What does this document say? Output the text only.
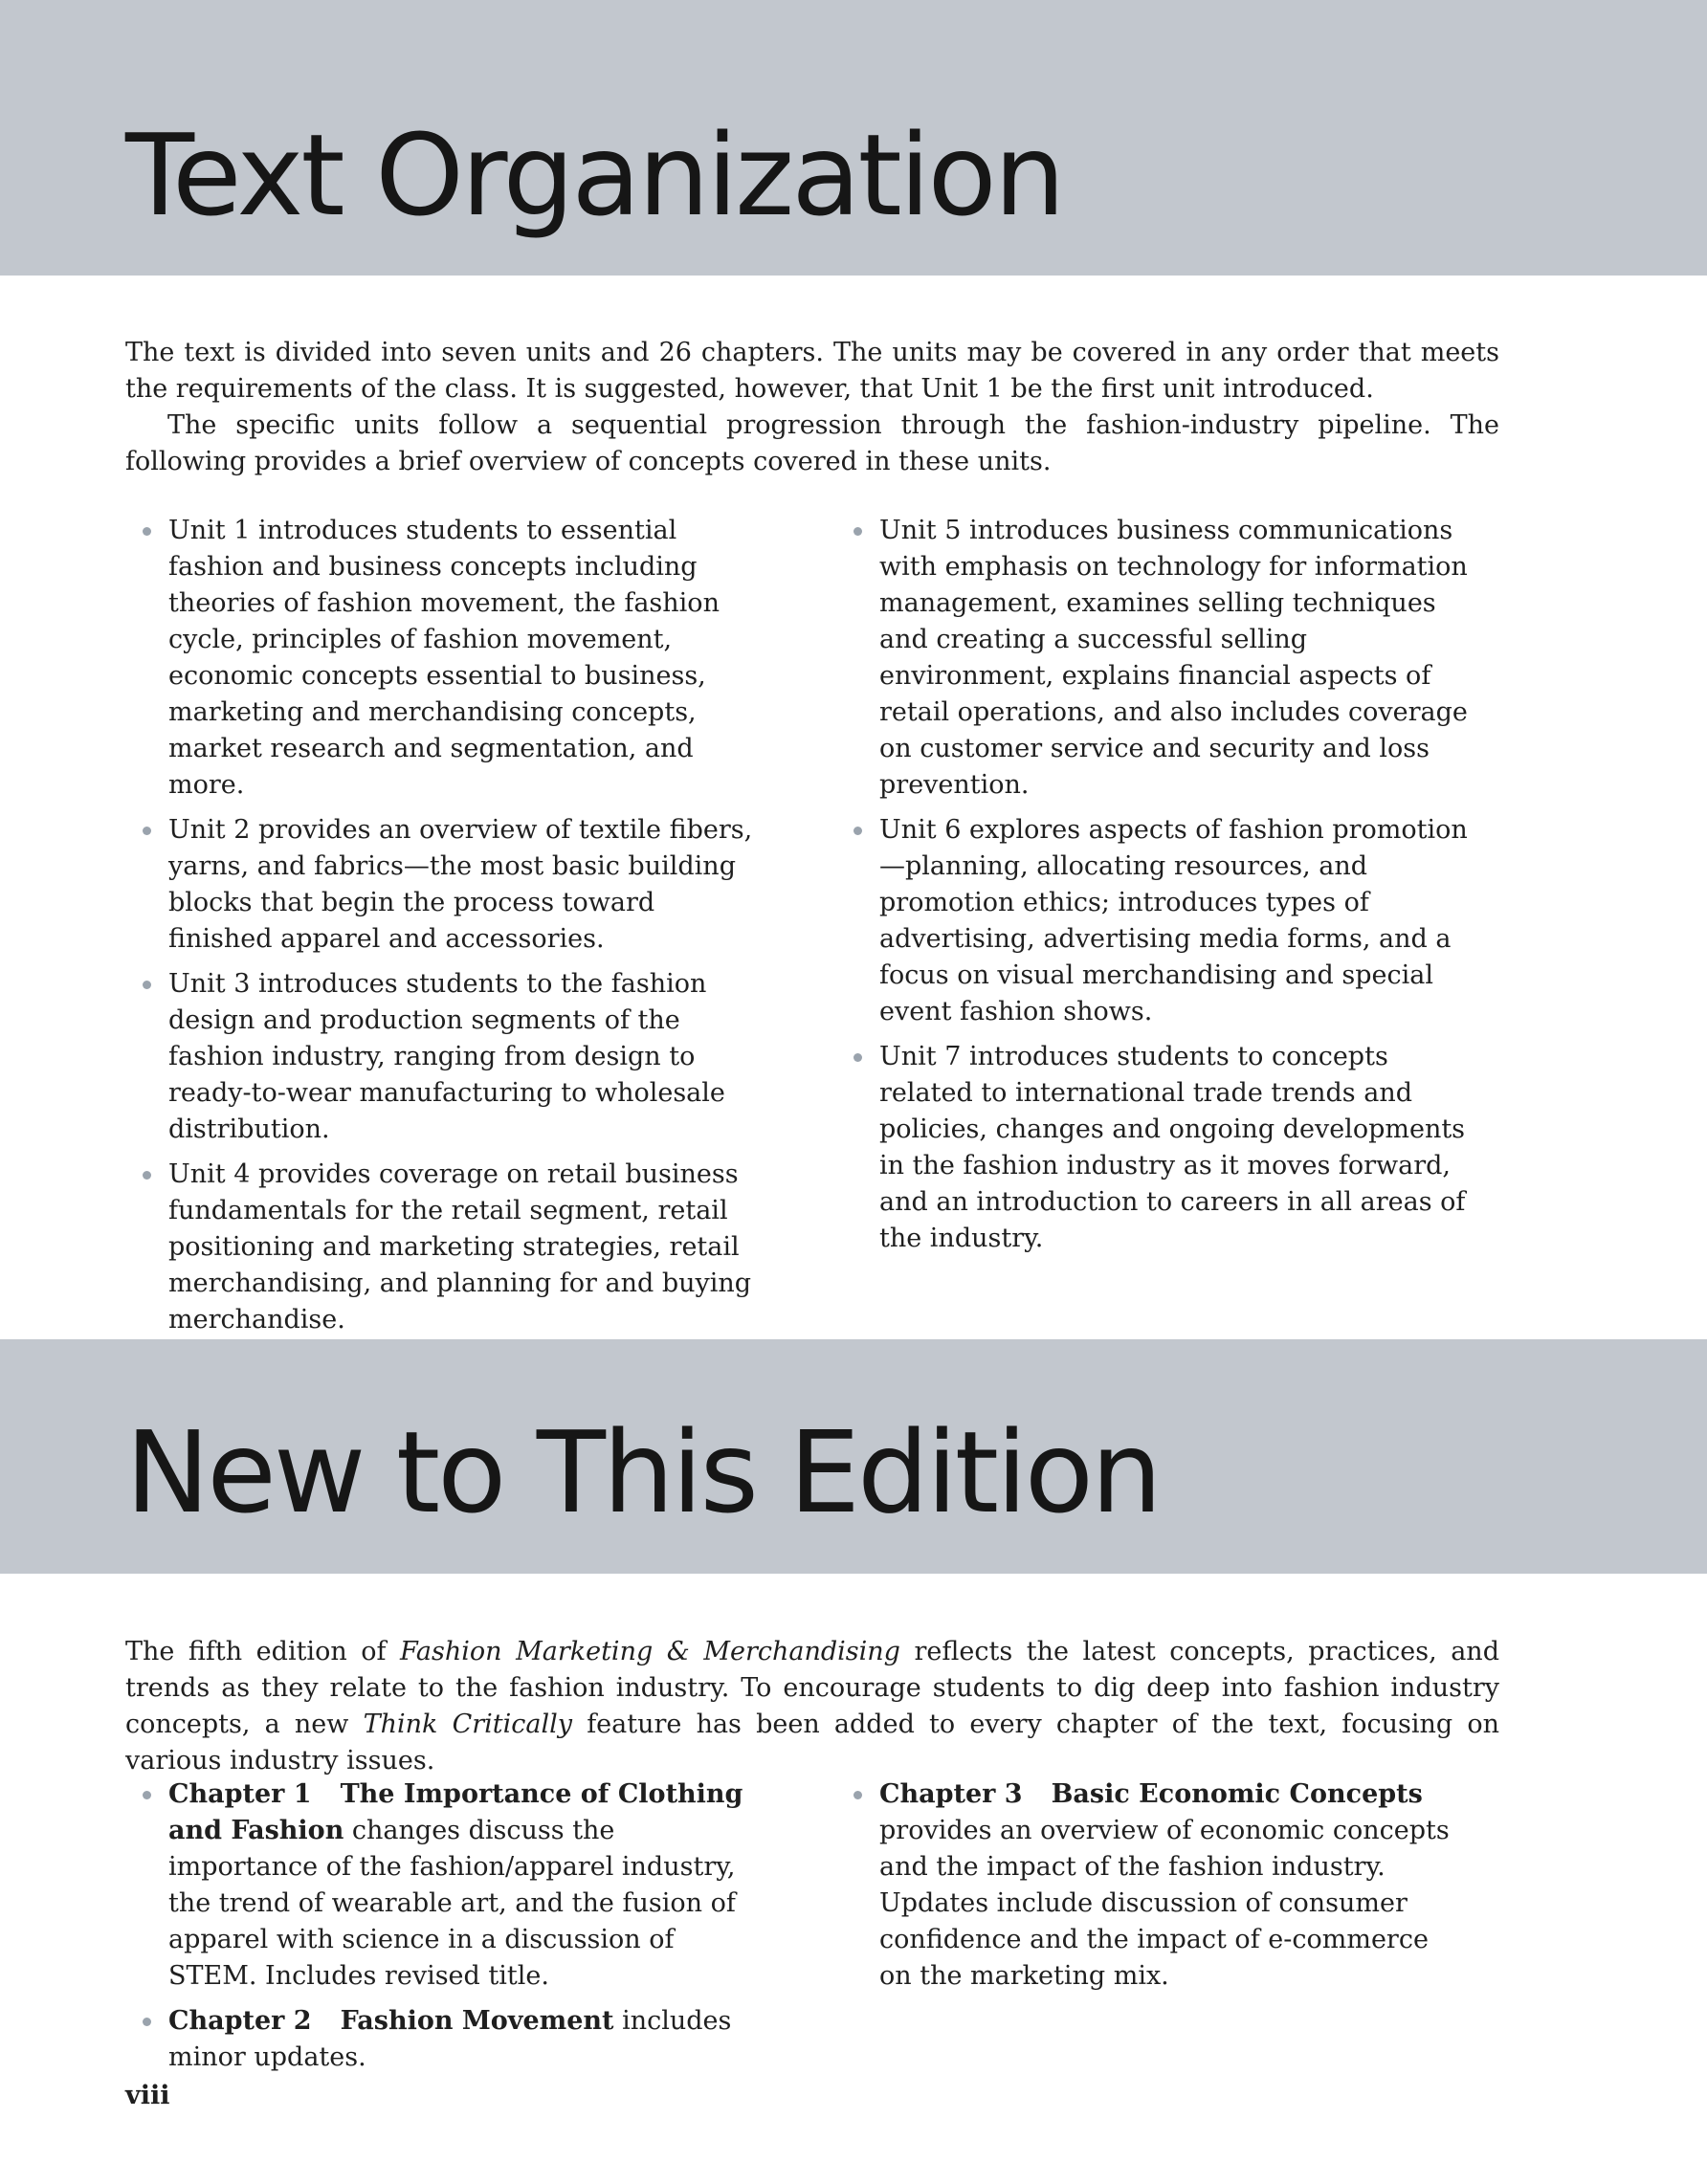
Text Organization

The text is divided into seven units and 26 chapters. The units may be covered in any order that meets the requirements of the class. It is suggested, however, that Unit 1 be the first unit introduced.

The specific units follow a sequential progression through the fashion-industry pipeline. The following provides a brief overview of concepts covered in these units.

Unit 1 introduces students to essential fashion and business concepts including theories of fashion movement, the fashion cycle, principles of fashion movement, economic concepts essential to business, marketing and merchandising concepts, market research and segmentation, and more.
Unit 2 provides an overview of textile fibers, yarns, and fabrics—the most basic building blocks that begin the process toward finished apparel and accessories.
Unit 3 introduces students to the fashion design and production segments of the fashion industry, ranging from design to ready-to-wear manufacturing to wholesale distribution.
Unit 4 provides coverage on retail business fundamentals for the retail segment, retail positioning and marketing strategies, retail merchandising, and planning for and buying merchandise.
Unit 5 introduces business communications with emphasis on technology for information management, examines selling techniques and creating a successful selling environment, explains financial aspects of retail operations, and also includes coverage on customer service and security and loss prevention.
Unit 6 explores aspects of fashion promotion—planning, allocating resources, and promotion ethics; introduces types of advertising, advertising media forms, and a focus on visual merchandising and special event fashion shows.
Unit 7 introduces students to concepts related to international trade trends and policies, changes and ongoing developments in the fashion industry as it moves forward, and an introduction to careers in all areas of the industry.
New to This Edition

The fifth edition of Fashion Marketing & Merchandising reflects the latest concepts, practices, and trends as they relate to the fashion industry. To encourage students to dig deep into fashion industry concepts, a new Think Critically feature has been added to every chapter of the text, focusing on various industry issues.

Chapter 1 The Importance of Clothing and Fashion changes discuss the importance of the fashion/apparel industry, the trend of wearable art, and the fusion of apparel with science in a discussion of STEM. Includes revised title.
Chapter 2 Fashion Movement includes minor updates.
Chapter 3 Basic Economic Concepts provides an overview of economic concepts and the impact of the fashion industry. Updates include discussion of consumer confidence and the impact of e-commerce on the marketing mix.
viii
